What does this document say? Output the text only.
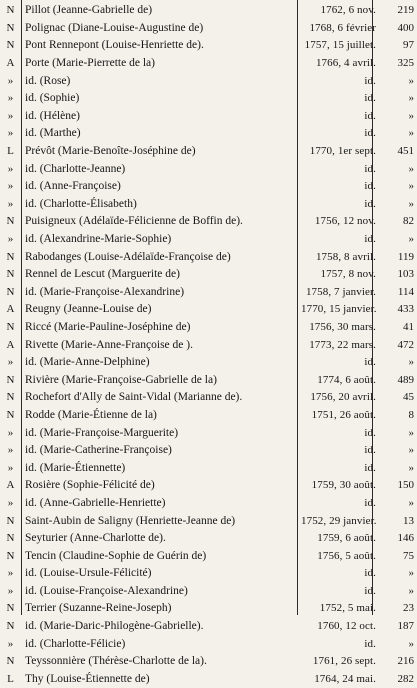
N	Pillot (Jeanne-Gabrielle de)	1762, 6 nov.	219
N	Polignac (Diane-Louise-Augustine de)	1768, 6 février	400
N	Pont Rennepont (Louise-Henriette de).	1757, 15 juillet.	97
A	Porte (Marie-Pierrette de la)	1766, 4 avril.	325
»	id. (Rose)	id.	»
»	id. (Sophie)	id.	»
»	id. (Hélène)	id.	»
»	id. (Marthe)	id.	»
L	Prévôt (Marie-Benoîte-Joséphine de)	1770, 1er sept.	451
»	id. (Charlotte-Jeanne)	id.	»
»	id. (Anne-Françoise)	id.	»
»	id. (Charlotte-Élisabeth)	id.	»
N	Puisigneux (Adélaïde-Félicienne de Boffin de).	1756, 12 nov.	82
»	id. (Alexandrine-Marie-Sophie)	id.	»
N	Rabodanges (Louise-Adélaïde-Françoise de)	1758, 8 avril.	119
N	Rennel de Lescut (Marguerite de)	1757, 8 nov.	103
N	id. (Marie-Françoise-Alexandrine)	1758, 7 janvier.	114
A	Reugny (Jeanne-Louise de)	1770, 15 janvier.	433
N	Riccé (Marie-Pauline-Joséphine de)	1756, 30 mars.	41
A	Rivette (Marie-Anne-Françoise de ).	1773, 22 mars.	472
»	id. (Marie-Anne-Delphine)	id.	»
N	Rivière (Marie-Françoise-Gabrielle de la)	1774, 6 août.	489
N	Rochefort d'Ally de Saint-Vidal (Marianne de).	1756, 20 avril.	45
N	Rodde (Marie-Étienne de la)	1751, 26 août.	8
»	id. (Marie-Françoise-Marguerite)	id.	»
»	id. (Marie-Catherine-Françoise)	id.	»
»	id. (Marie-Étiennette)	id.	»
A	Rosière (Sophie-Félicité de)	1759, 30 août.	150
»	id. (Anne-Gabrielle-Henriette)	id.	»
N	Saint-Aubin de Saligny (Henriette-Jeanne de)	1752, 29 janvier.	13
N	Seyturier (Anne-Charlotte de).	1759, 6 août.	146
N	Tencin (Claudine-Sophie de Guérin de)	1756, 5 août.	75
»	id. (Louise-Ursule-Félicité)	id.	»
»	id. (Louise-Françoise-Alexandrine)	id.	»
N	Terrier (Suzanne-Reine-Joseph)	1752, 5 mai.	23
N	id. (Marie-Daric-Philogène-Gabrielle).	1760, 12 oct.	187
»	id. (Charlotte-Félicie)	id.	»
N	Teyssonnière (Thérèse-Charlotte de la).	1761, 26 sept.	216
L	Thy (Louise-Étiennette de)	1764, 24 mai.	282
